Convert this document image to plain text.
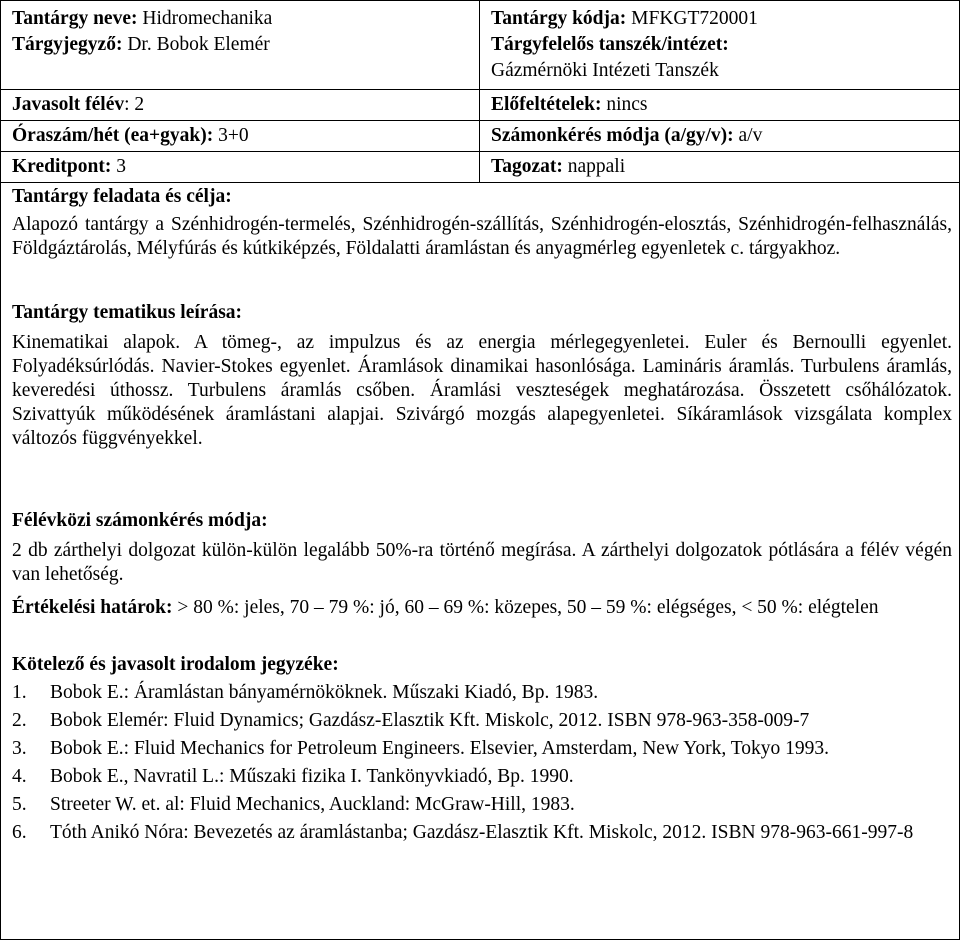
Tantárgy neve: Hidromechanika
Tárgyjegyző: Dr. Bobok Elemér
Tantárgy kódja: MFKGT720001
Tárgyfelelős tanszék/intézet:
Gázmérnöki Intézeti Tanszék
Javasolt félév: 2	Előfeltételek: nincs
Óraszám/hét (ea+gyak): 3+0	Számonkérés módja (a/gy/v): a/v
Kreditpont: 3	Tagozat: nappali
Tantárgy feladata és célja:
Alapozó tantárgy a Szénhidrogén-termelés, Szénhidrogén-szállítás, Szénhidrogén-elosztás, Szénhidrogén-felhasználás, Földgáztárolás, Mélyfúrás és kútkiképzés, Földalatti áramlástan és anyagmérleg egyenletek c. tárgyakhoz.
Tantárgy tematikus leírása:
Kinematikai alapok. A tömeg-, az impulzus és az energia mérlegegyenletei. Euler és Bernoulli egyenlet. Folyadéksúrlódás. Navier-Stokes egyenlet. Áramlások dinamikai hasonlósága. Lamináris áramlás. Turbulens áramlás, keveredési úthossz. Turbulens áramlás csőben. Áramlási veszteségek meghatározása. Összetett csőhálózatok. Szivattyúk működésének áramlástani alapjai. Szivárgó mozgás alapegyenletei. Síkáramlások vizsgálata komplex változós függvényekkel.
Félévközi számonkérés módja:
2 db zárthelyi dolgozat külön-külön legalább 50%-ra történő megírása. A zárthelyi dolgozatok pótlására a félév végén van lehetőség.
Értékelési határok: > 80 %: jeles, 70 – 79 %: jó, 60 – 69 %: közepes, 50 – 59 %: elégséges, < 50 %: elégtelen
Kötelező és javasolt irodalom jegyzéke:
1. Bobok E.: Áramlástan bányamérnököknek. Műszaki Kiadó, Bp. 1983.
2. Bobok Elemér: Fluid Dynamics; Gazdász-Elasztik Kft. Miskolc, 2012. ISBN 978-963-358-009-7
3. Bobok E.: Fluid Mechanics for Petroleum Engineers. Elsevier, Amsterdam, New York, Tokyo 1993.
4. Bobok E., Navratil L.: Műszaki fizika I. Tankönyvkiadó, Bp. 1990.
5. Streeter W. et. al: Fluid Mechanics, Auckland: McGraw-Hill, 1983.
6. Tóth Anikó Nóra: Bevezetés az áramlástanba; Gazdász-Elasztik Kft. Miskolc, 2012. ISBN 978-963-661-997-8
